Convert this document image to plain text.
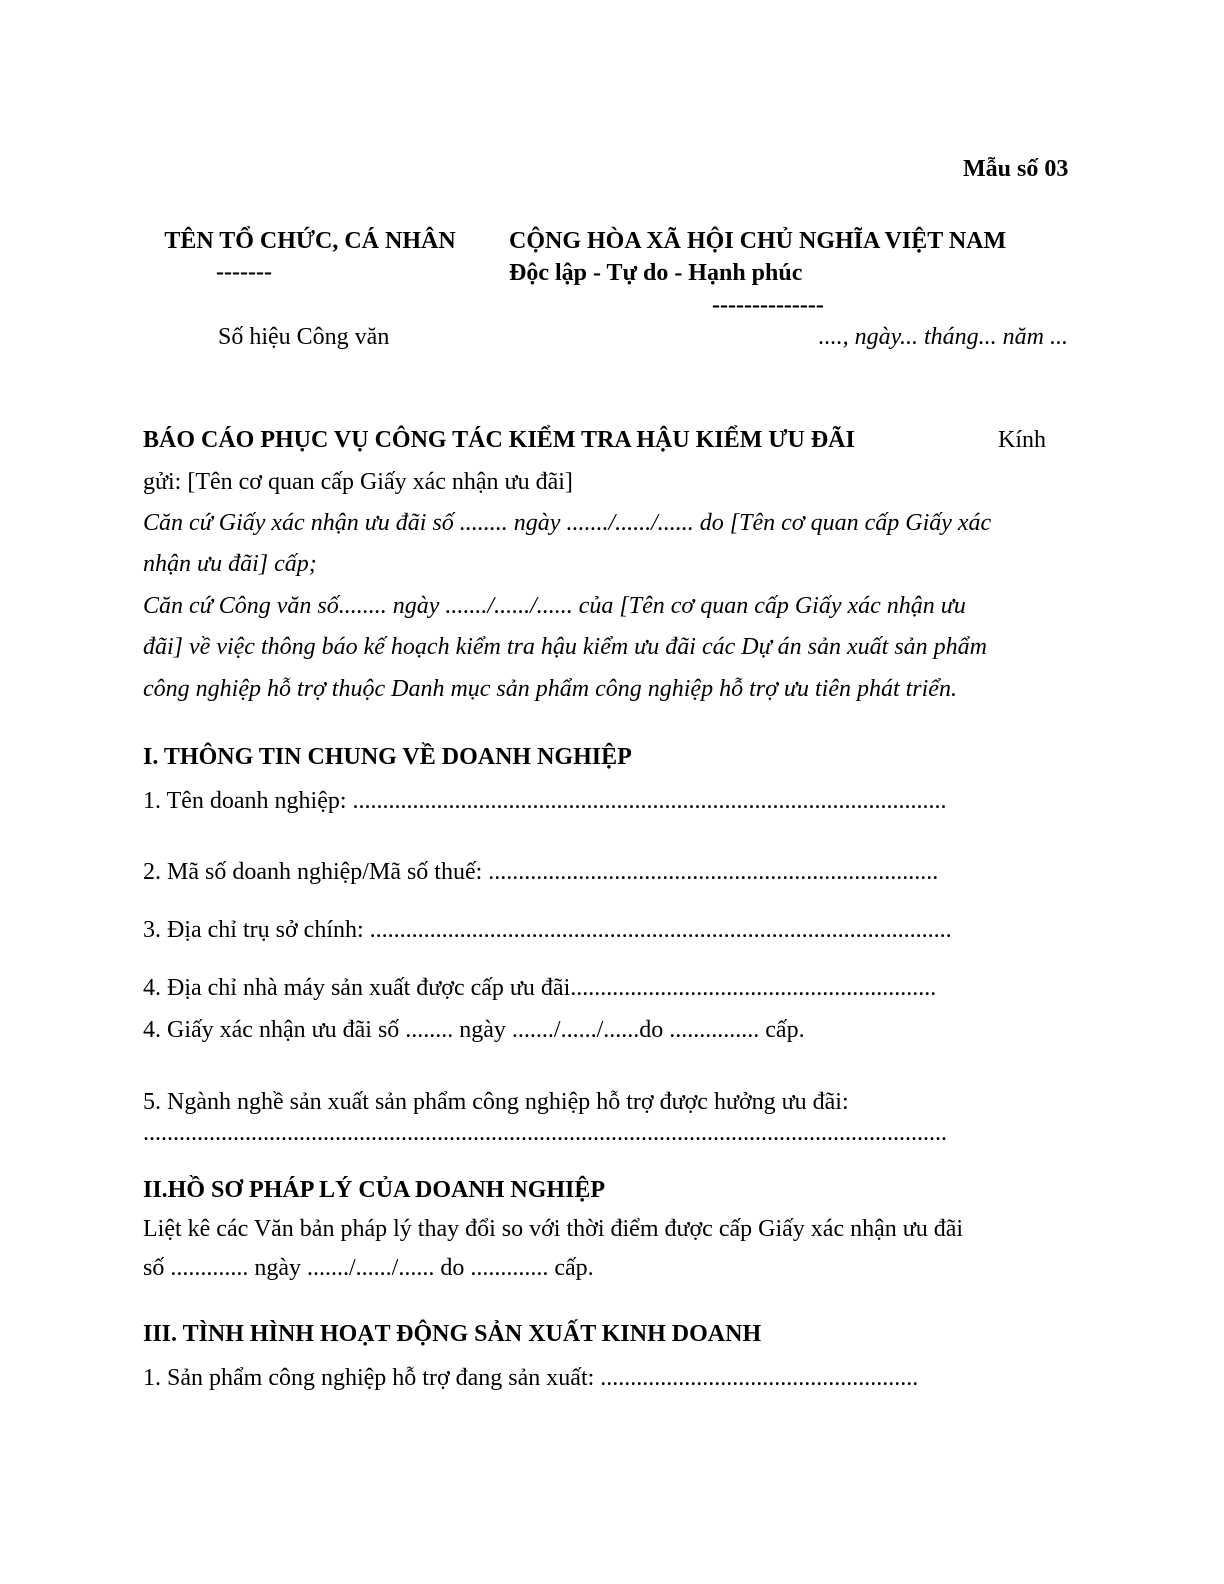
Mẫu số 03
TÊN TỔ CHỨC, CÁ NHÂN
-------
Số hiệu Công văn
CỘNG HÒA XÃ HỘI CHỦ NGHĨA VIỆT NAM
Độc lập - Tự do - Hạnh phúc
--------------
...., ngày... tháng... năm ...
BÁO CÁO PHỤC VỤ CÔNG TÁC KIỂM TRA HẬU KIỂM ƯU ĐÃI	Kính
gửi: [Tên cơ quan cấp Giấy xác nhận ưu đãi]
Căn cứ Giấy xác nhận ưu đãi số ........ ngày ......./....../...... do [Tên cơ quan cấp Giấy xác
nhận ưu đãi] cấp;
Căn cứ Công văn số........ ngày ......./....../...... của [Tên cơ quan cấp Giấy xác nhận ưu
đãi] về việc thông báo kế hoạch kiểm tra hậu kiểm ưu đãi các Dự án sản xuất sản phẩm
công nghiệp hỗ trợ thuộc Danh mục sản phẩm công nghiệp hỗ trợ ưu tiên phát triển.
I. THÔNG TIN CHUNG VỀ DOANH NGHIỆP
1. Tên doanh nghiệp: ...................................................................................................
2. Mã số doanh nghiệp/Mã số thuế: ...........................................................................
3. Địa chỉ trụ sở chính: .................................................................................................
4. Địa chỉ nhà máy sản xuất được cấp ưu đãi.............................................................
4. Giấy xác nhận ưu đãi số ........ ngày ......./....../......do ............... cấp.
5. Ngành nghề sản xuất sản phẩm công nghiệp hỗ trợ được hưởng ưu đãi:
......................................................................................................................................
II.HỒ SƠ PHÁP LÝ CỦA DOANH NGHIỆP
Liệt kê các Văn bản pháp lý thay đổi so với thời điểm được cấp Giấy xác nhận ưu đãi
số ............. ngày ......./....../...... do ............. cấp.
III. TÌNH HÌNH HOẠT ĐỘNG SẢN XUẤT KINH DOANH
1. Sản phẩm công nghiệp hỗ trợ đang sản xuất: .....................................................
